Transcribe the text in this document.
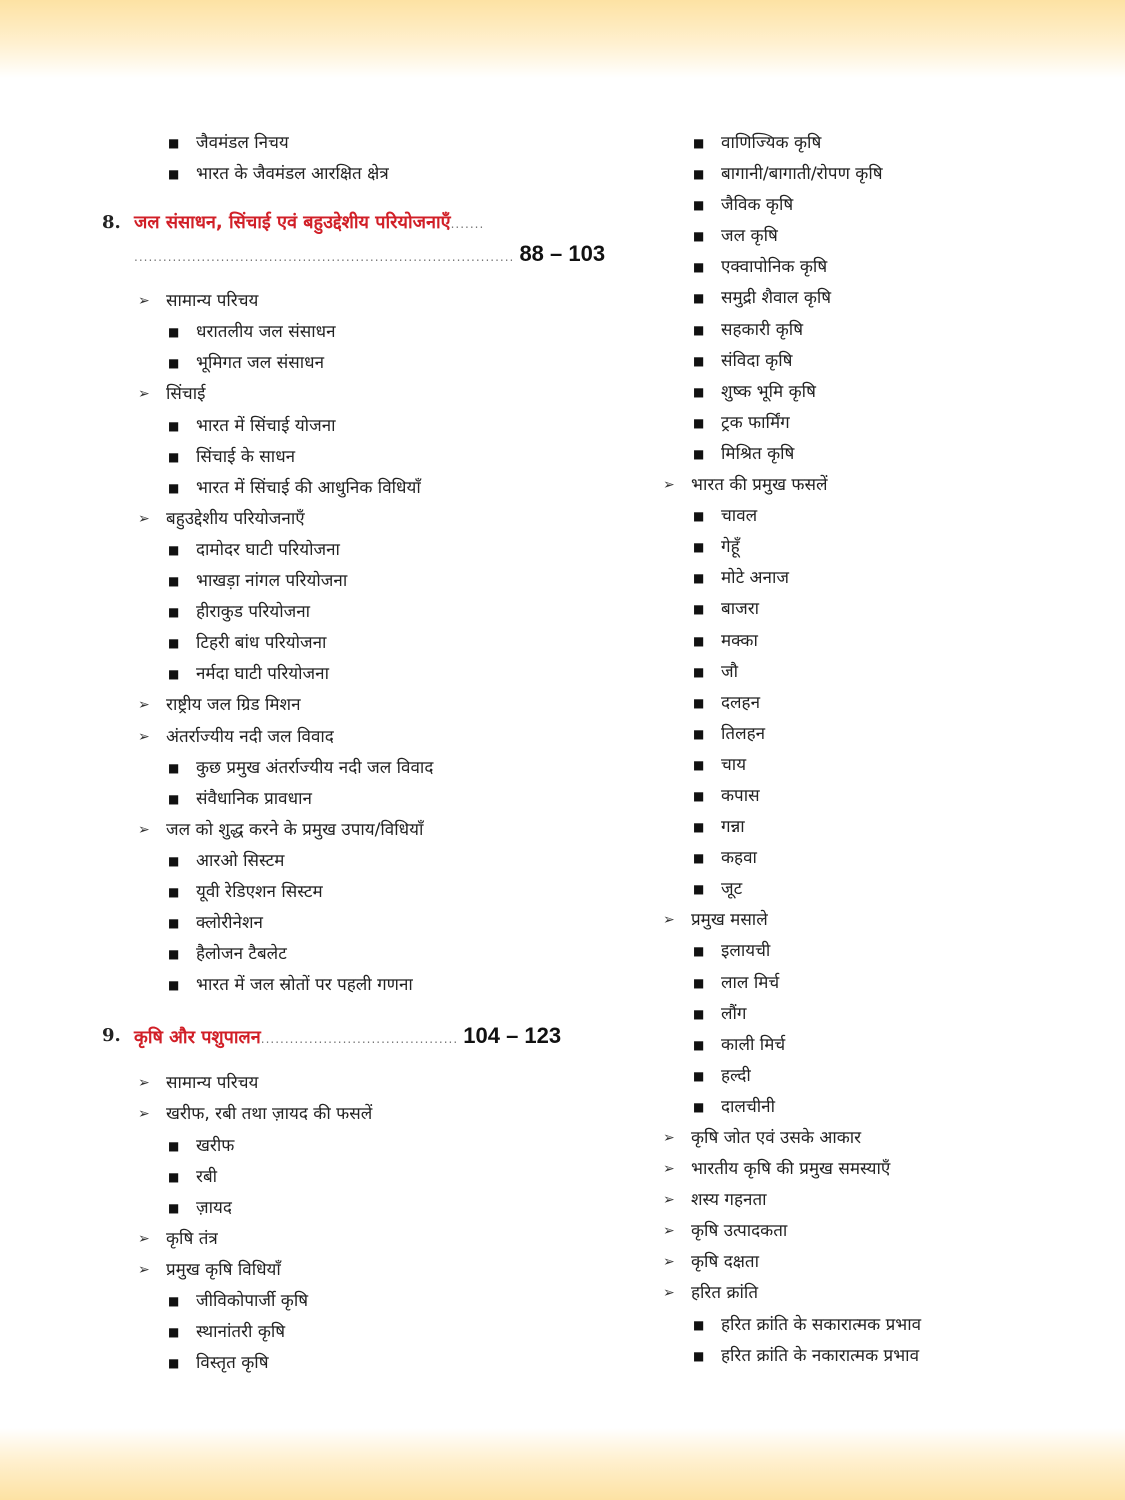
■ जैवमंडल निचय
■ भारत के जैवमंडल आरक्षित क्षेत्र
8. जल संसाधन, सिंचाई एवं बहुउद्देशीय परियोजनाएँ.......
............................................................................... 88 – 103
➢ सामान्य परिचय
■ धरातलीय जल संसाधन
■ भूमिगत जल संसाधन
➢ सिंचाई
■ भारत में सिंचाई योजना
■ सिंचाई के साधन
■ भारत में सिंचाई की आधुनिक विधियाँ
➢ बहुउद्देशीय परियोजनाएँ
■ दामोदर घाटी परियोजना
■ भाखड़ा नांगल परियोजना
■ हीराकुड परियोजना
■ टिहरी बांध परियोजना
■ नर्मदा घाटी परियोजना
➢ राष्ट्रीय जल ग्रिड मिशन
➢ अंतर्राज्यीय नदी जल विवाद
■ कुछ प्रमुख अंतर्राज्यीय नदी जल विवाद
■ संवैधानिक प्रावधान
➢ जल को शुद्ध करने के प्रमुख उपाय/विधियाँ
■ आरओ सिस्टम
■ यूवी रेडिएशन सिस्टम
■ क्लोरीनेशन
■ हैलोजन टैबलेट
■ भारत में जल स्रोतों पर पहली गणना
9. कृषि और पशुपालन......................................... 104 – 123
➢ सामान्य परिचय
➢ खरीफ, रबी तथा ज़ायद की फसलें
■ खरीफ
■ रबी
■ ज़ायद
➢ कृषि तंत्र
➢ प्रमुख कृषि विधियाँ
■ जीविकोपार्जी कृषि
■ स्थानांतरी कृषि
■ विस्तृत कृषि
■ वाणिज्यिक कृषि
■ बागानी/बागाती/रोपण कृषि
■ जैविक कृषि
■ जल कृषि
■ एक्वापोनिक कृषि
■ समुद्री शैवाल कृषि
■ सहकारी कृषि
■ संविदा कृषि
■ शुष्क भूमि कृषि
■ ट्रक फार्मिंग
■ मिश्रित कृषि
➢ भारत की प्रमुख फसलें
■ चावल
■ गेहूँ
■ मोटे अनाज
■ बाजरा
■ मक्का
■ जौ
■ दलहन
■ तिलहन
■ चाय
■ कपास
■ गन्ना
■ कहवा
■ जूट
➢ प्रमुख मसाले
■ इलायची
■ लाल मिर्च
■ लौंग
■ काली मिर्च
■ हल्दी
■ दालचीनी
➢ कृषि जोत एवं उसके आकार
➢ भारतीय कृषि की प्रमुख समस्याएँ
➢ शस्य गहनता
➢ कृषि उत्पादकता
➢ कृषि दक्षता
➢ हरित क्रांति
■ हरित क्रांति के सकारात्मक प्रभाव
■ हरित क्रांति के नकारात्मक प्रभाव
